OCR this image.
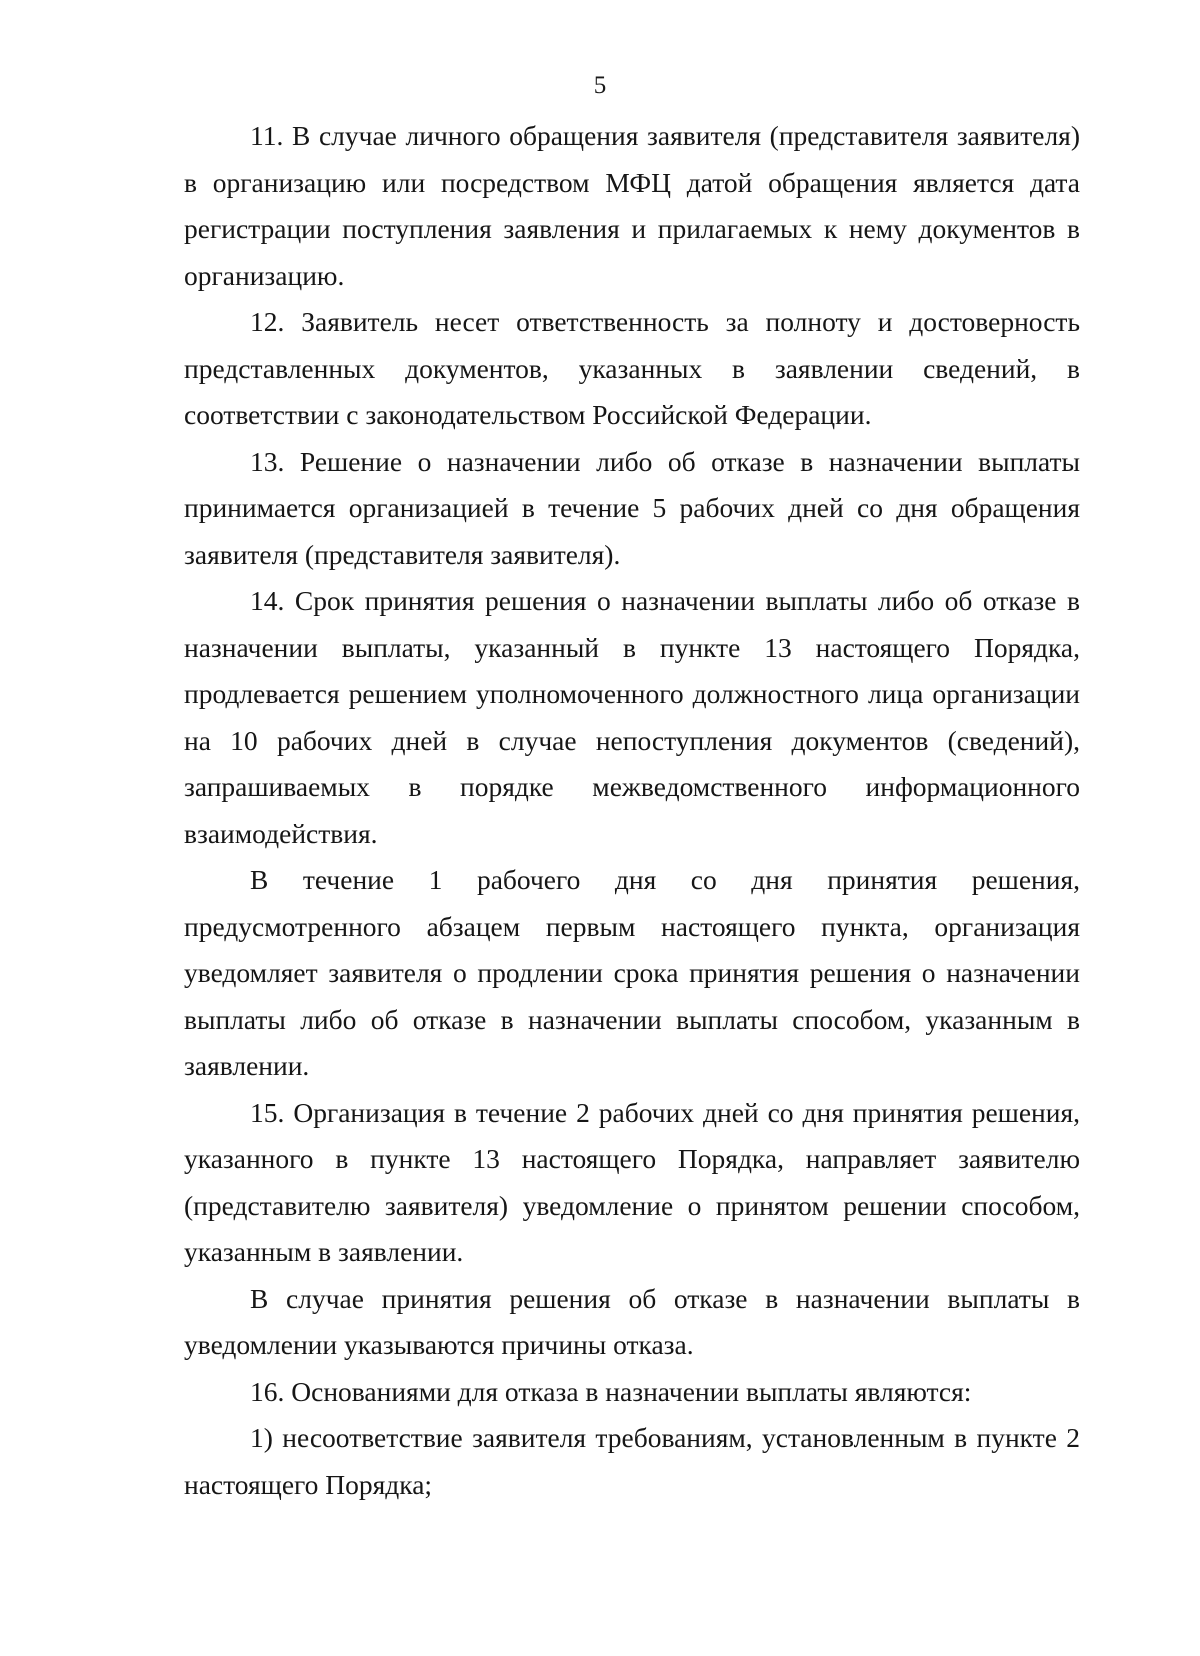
5

11. В случае личного обращения заявителя (представителя заявителя) в организацию или посредством МФЦ датой обращения является дата регистрации поступления заявления и прилагаемых к нему документов в организацию.

12. Заявитель несет ответственность за полноту и достоверность представленных документов, указанных в заявлении сведений, в соответствии с законодательством Российской Федерации.

13. Решение о назначении либо об отказе в назначении выплаты принимается организацией в течение 5 рабочих дней со дня обращения заявителя (представителя заявителя).

14. Срок принятия решения о назначении выплаты либо об отказе в назначении выплаты, указанный в пункте 13 настоящего Порядка, продлевается решением уполномоченного должностного лица организации на 10 рабочих дней в случае непоступления документов (сведений), запрашиваемых в порядке межведомственного информационного взаимодействия.

В течение 1 рабочего дня со дня принятия решения, предусмотренного абзацем первым настоящего пункта, организация уведомляет заявителя о продлении срока принятия решения о назначении выплаты либо об отказе в назначении выплаты способом, указанным в заявлении.

15. Организация в течение 2 рабочих дней со дня принятия решения, указанного в пункте 13 настоящего Порядка, направляет заявителю (представителю заявителя) уведомление о принятом решении способом, указанным в заявлении.

В случае принятия решения об отказе в назначении выплаты в уведомлении указываются причины отказа.

16. Основаниями для отказа в назначении выплаты являются:

1) несоответствие заявителя требованиям, установленным в пункте 2 настоящего Порядка;
